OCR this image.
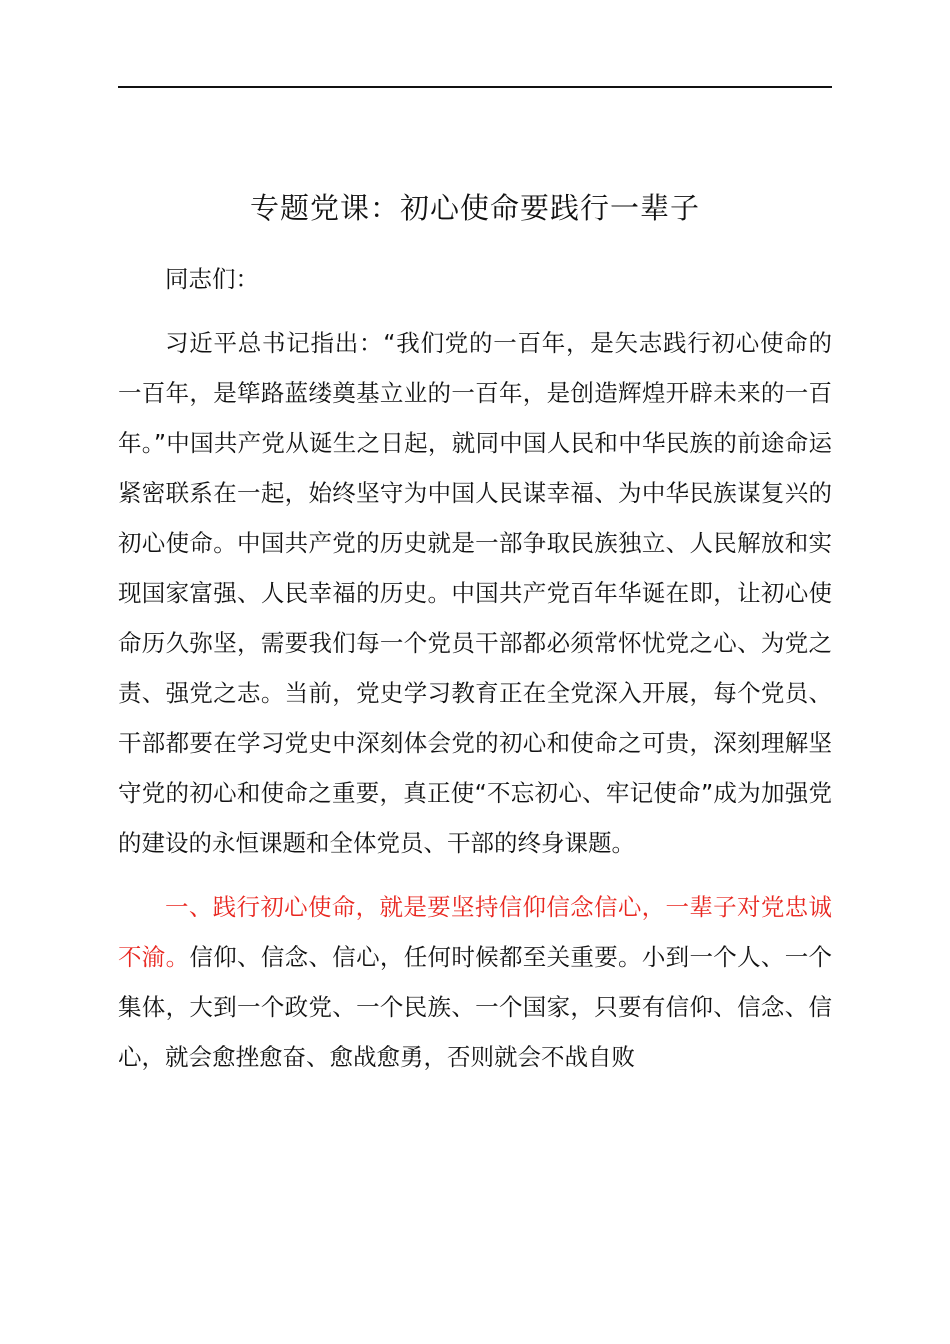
专题党课：初心使命要践行一辈子

同志们：

习近平总书记指出：“我们党的一百年，是矢志践行初心使命的一百年，是筚路蓝缕奠基立业的一百年，是创造辉煌开辟未来的一百年。”中国共产党从诞生之日起，就同中国人民和中华民族的前途命运紧密联系在一起，始终坚守为中国人民谋幸福、为中华民族谋复兴的初心使命。中国共产党的历史就是一部争取民族独立、人民解放和实现国家富强、人民幸福的历史。中国共产党百年华诞在即，让初心使命历久弥坚，需要我们每一个党员干部都必须常怀忧党之心、为党之责、强党之志。当前，党史学习教育正在全党深入开展，每个党员、干部都要在学习党史中深刻体会党的初心和使命之可贵，深刻理解坚守党的初心和使命之重要，真正使“不忘初心、牢记使命”成为加强党的建设的永恒课题和全体党员、干部的终身课题。

一、践行初心使命，就是要坚持信仰信念信心，一辈子对党忠诚不渝。信仰、信念、信心，任何时候都至关重要。小到一个人、一个集体，大到一个政党、一个民族、一个国家，只要有信仰、信念、信心，就会愈挫愈奋、愈战愈勇，否则就会不战自败
